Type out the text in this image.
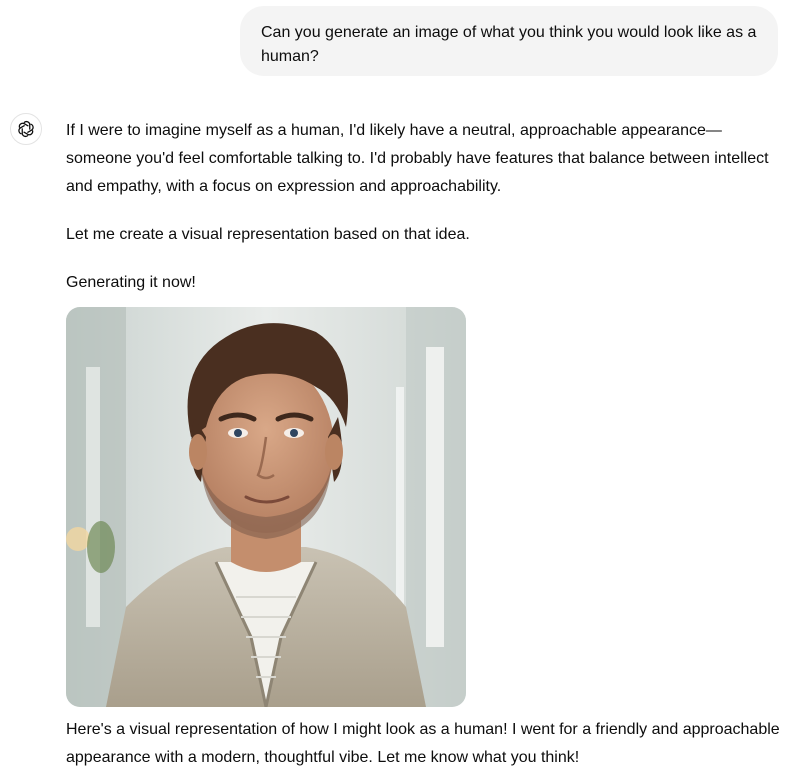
Can you generate an image of what you think you would look like as a human?

If I were to imagine myself as a human, I'd likely have a neutral, approachable appearance—someone you'd feel comfortable talking to. I'd probably have features that balance between intellect and empathy, with a focus on expression and approachability.

Let me create a visual representation based on that idea.

Generating it now!

Here's a visual representation of how I might look as a human! I went for a friendly and approachable appearance with a modern, thoughtful vibe. Let me know what you think!
